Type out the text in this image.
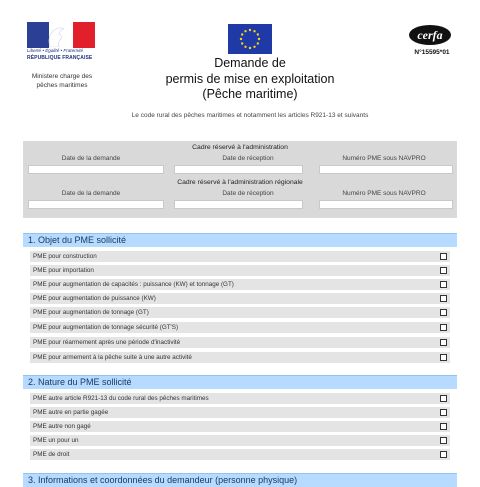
Liberté • Égalité • Fraternité
RÉPUBLIQUE FRANÇAISE
Ministere charge des pêches maritimes
Demande de
permis de mise en exploitation
(Pêche maritime)
cerfa
N°15595*01
Le code rural des pêches maritimes et notamment les articles R921-13 et suivants
Cadre réservé à l'administration
Date de la demande	Date de réception	Numéro PME sous NAVPRO
Cadre réservé à l'administration régionale
Date de la demande	Date de réception	Numéro PME sous NAVPRO
1. Objet du PME sollicité
PME pour construction
PME pour importation
PME pour augmentation de capacités : puissance (KW) et tonnage (GT)
PME pour augmentation de puissance (KW)
PME pour augmentation de tonnage (GT)
PME pour augmentation de tonnage sécurité (GT'S)
PME pour réarmement après une période d'inactivité
PME pour armement à la pêche suite à une autre activité
2. Nature du PME sollicité
PME autre article R921-13 du code rural des pêches maritimes
PME autre en partie gagée
PME autre non gagé
PME un pour un
PME de droit
3. Informations et coordonnées du demandeur (personne physique)
